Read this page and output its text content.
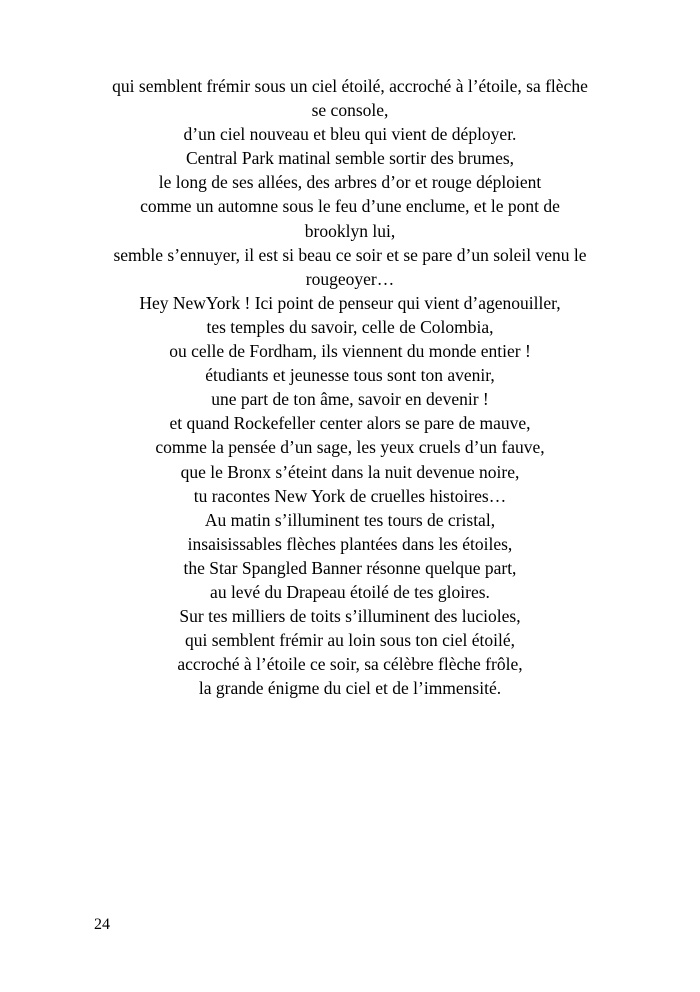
qui semblent frémir sous un ciel étoilé, accroché à l’étoile, sa flèche
se console,
d’un ciel nouveau et bleu qui vient de déployer.
Central Park matinal semble sortir des brumes,
le long de ses allées, des arbres d’or et rouge déploient
comme un automne sous le feu d’une enclume, et le pont de
brooklyn lui,
semble s’ennuyer, il est si beau ce soir et se pare d’un soleil venu le
rougeoyer…
Hey NewYork ! Ici point de penseur qui vient d’agenouiller,
tes temples du savoir, celle de Colombia,
ou celle de Fordham, ils viennent du monde entier !
étudiants et jeunesse tous sont ton avenir,
une part de ton âme, savoir en devenir !
et quand Rockefeller center alors se pare de mauve,
comme la pensée d’un sage, les yeux cruels d’un fauve,
que le Bronx s’éteint dans la nuit devenue noire,
tu racontes New York de cruelles histoires…
Au matin s’illuminent tes tours de cristal,
insaisissables flèches plantées dans les étoiles,
the Star Spangled Banner résonne quelque part,
au levé du Drapeau étoilé de tes gloires.
Sur tes milliers de toits s’illuminent des lucioles,
qui semblent frémir au loin sous ton ciel étoilé,
accroché à l’étoile ce soir, sa célèbre flèche frôle,
la grande énigme du ciel et de l’immensité.
24
